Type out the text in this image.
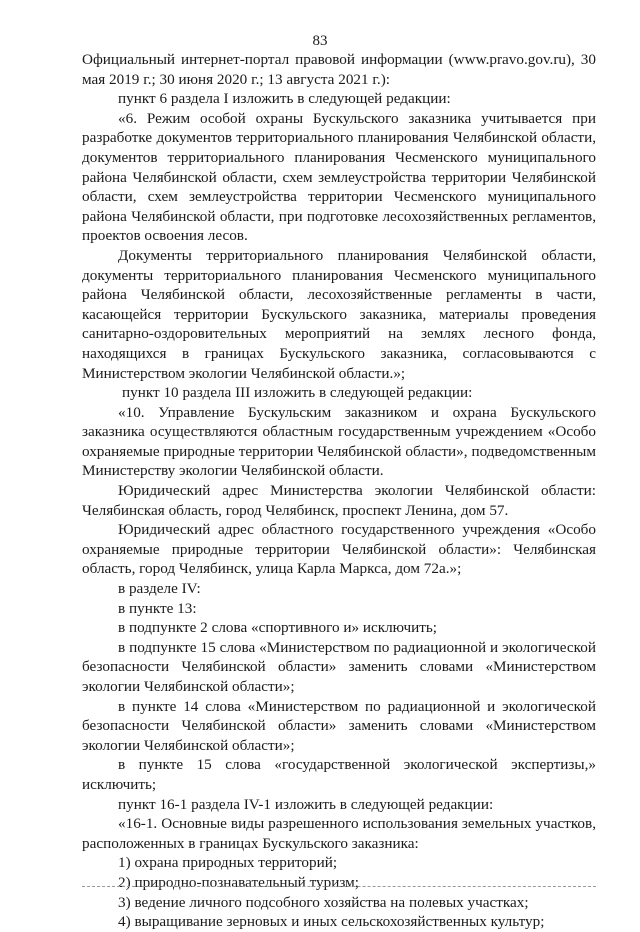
83

Официальный интернет-портал правовой информации (www.pravo.gov.ru), 30 мая 2019 г.; 30 июня 2020 г.; 13 августа 2021 г.):

пункт 6 раздела I изложить в следующей редакции:

«6. Режим особой охраны Бускульского заказника учитывается при разработке документов территориального планирования Челябинской области, документов территориального планирования Чесменского муниципального района Челябинской области, схем землеустройства территории Челябинской области, схем землеустройства территории Чесменского муниципального района Челябинской области, при подготовке лесохозяйственных регламентов, проектов освоения лесов.

Документы территориального планирования Челябинской области, документы территориального планирования Чесменского муниципального района Челябинской области, лесохозяйственные регламенты в части, касающейся территории Бускульского заказника, материалы проведения санитарно-оздоровительных мероприятий на землях лесного фонда, находящихся в границах Бускульского заказника, согласовываются с Министерством экологии Челябинской области.»;

пункт 10 раздела III изложить в следующей редакции:

«10. Управление Бускульским заказником и охрана Бускульского заказника осуществляются областным государственным учреждением «Особо охраняемые природные территории Челябинской области», подведомственным Министерству экологии Челябинской области.

Юридический адрес Министерства экологии Челябинской области: Челябинская область, город Челябинск, проспект Ленина, дом 57.

Юридический адрес областного государственного учреждения «Особо охраняемые природные территории Челябинской области»: Челябинская область, город Челябинск, улица Карла Маркса, дом 72а.»;

в разделе IV:

в пункте 13:

в подпункте 2 слова «спортивного и» исключить;

в подпункте 15 слова «Министерством по радиационной и экологической безопасности Челябинской области» заменить словами «Министерством экологии Челябинской области»;

в пункте 14 слова «Министерством по радиационной и экологической безопасности Челябинской области» заменить словами «Министерством экологии Челябинской области»;

в пункте 15 слова «государственной экологической экспертизы,» исключить;

пункт 16-1 раздела IV-1 изложить в следующей редакции:

«16-1. Основные виды разрешенного использования земельных участков, расположенных в границах Бускульского заказника:

1) охрана природных территорий;

2) природно-познавательный туризм;

3) ведение личного подсобного хозяйства на полевых участках;

4) выращивание зерновых и иных сельскохозяйственных культур;
